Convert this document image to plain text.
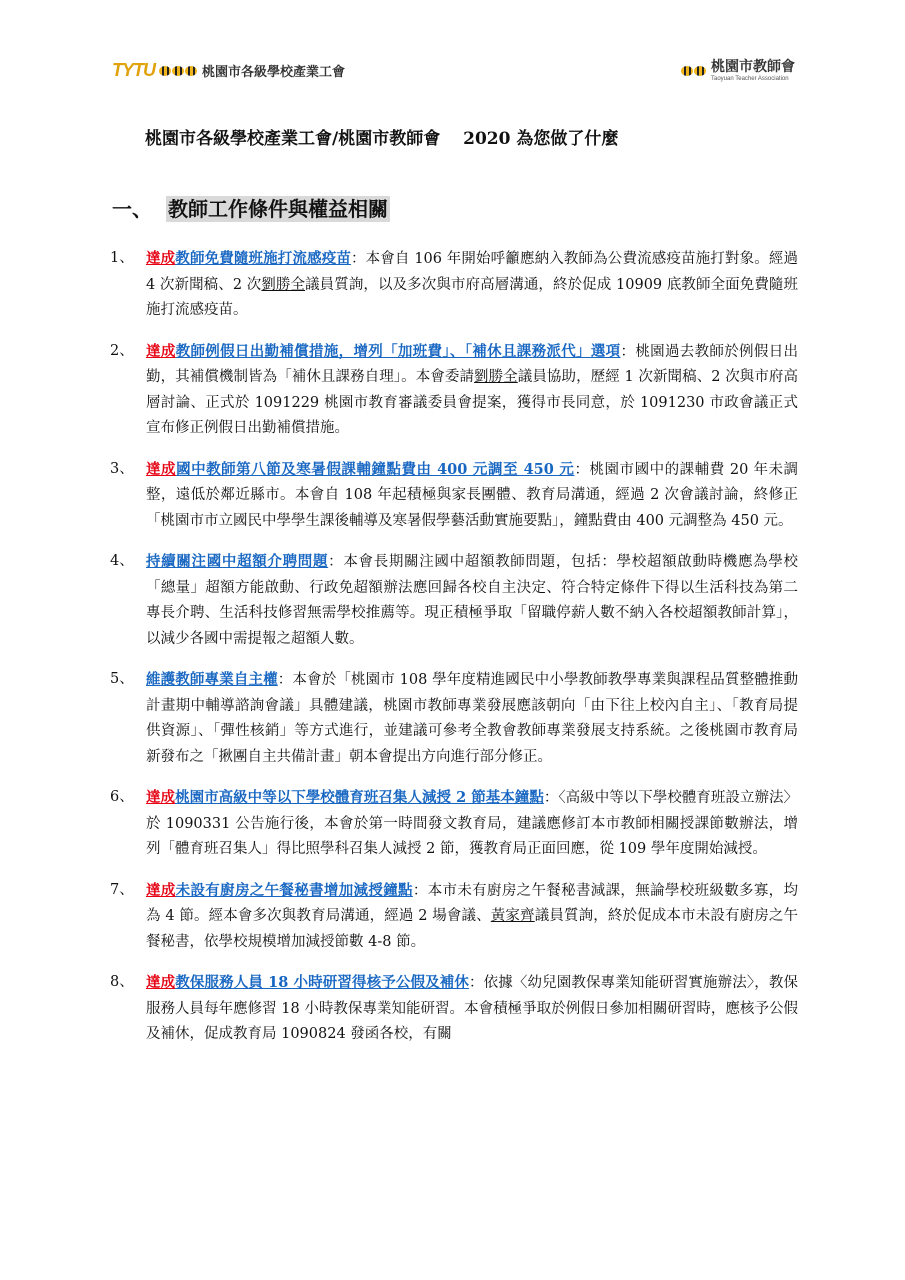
TYTU	桃園市各級學校產業工會	桃園市教師會
Taoyuan Teacher Association
桃園市各級學校產業工會/桃園市教師會　 2020 為您做了什麼
一、 教師工作條件與權益相關
1、 達成教師免費隨班施打流感疫苗：本會自 106 年開始呼籲應納入教師為公費流感疫苗施打對象。經過 4 次新聞稿、2 次劉勝全議員質詢，以及多次與市府高層溝通，終於促成 10909 底教師全面免費隨班施打流感疫苗。
2、 達成教師例假日出勤補償措施，增列「加班費」、「補休且課務派代」選項：桃園過去教師於例假日出勤，其補償機制皆為「補休且課務自理」。本會委請劉勝全議員協助，歷經 1 次新聞稿、2 次與市府高層討論、正式於 1091229 桃園市教育審議委員會提案，獲得市長同意，於 1091230 市政會議正式宣布修正例假日出勤補償措施。
3、 達成國中教師第八節及寒暑假課輔鐘點費由 400 元調至 450 元：桃園市國中的課輔費 20 年未調整，遠低於鄰近縣市。本會自 108 年起積極與家長團體、教育局溝通，經過 2 次會議討論，終修正「桃園市市立國民中學學生課後輔導及寒暑假學藝活動實施要點」，鐘點費由 400 元調整為 450 元。
4、 持續關注國中超額介聘問題：本會長期關注國中超額教師問題，包括：學校超額啟動時機應為學校「總量」超額方能啟動、行政免超額辦法應回歸各校自主決定、符合特定條件下得以生活科技為第二專長介聘、生活科技修習無需學校推薦等。現正積極爭取「留職停薪人數不納入各校超額教師計算」，以減少各國中需提報之超額人數。
5、 維護教師專業自主權：本會於「桃園市 108 學年度精進國民中小學教師教學專業與課程品質整體推動計畫期中輔導諮詢會議」具體建議，桃園市教師專業發展應該朝向「由下往上校內自主」、「教育局提供資源」、「彈性核銷」等方式進行，並建議可參考全教會教師專業發展支持系統。之後桃園市教育局新發布之「揪團自主共備計畫」朝本會提出方向進行部分修正。
6、 達成桃園市高級中等以下學校體育班召集人減授 2 節基本鐘點：〈高級中等以下學校體育班設立辦法〉於 1090331 公告施行後，本會於第一時間發文教育局，建議應修訂本市教師相關授課節數辦法，增列「體育班召集人」得比照學科召集人減授 2 節，獲教育局正面回應，從 109 學年度開始減授。
7、 達成未設有廚房之午餐秘書增加減授鐘點：本市未有廚房之午餐秘書減課，無論學校班級數多寡，均為 4 節。經本會多次與教育局溝通，經過 2 場會議、黃家齊議員質詢，終於促成本市未設有廚房之午餐秘書，依學校規模增加減授節數 4-8 節。
8、 達成教保服務人員 18 小時研習得核予公假及補休：依據〈幼兒園教保專業知能研習實施辦法〉，教保服務人員每年應修習 18 小時教保專業知能研習。本會積極爭取於例假日參加相關研習時，應核予公假及補休，促成教育局 1090824 發函各校，有關
